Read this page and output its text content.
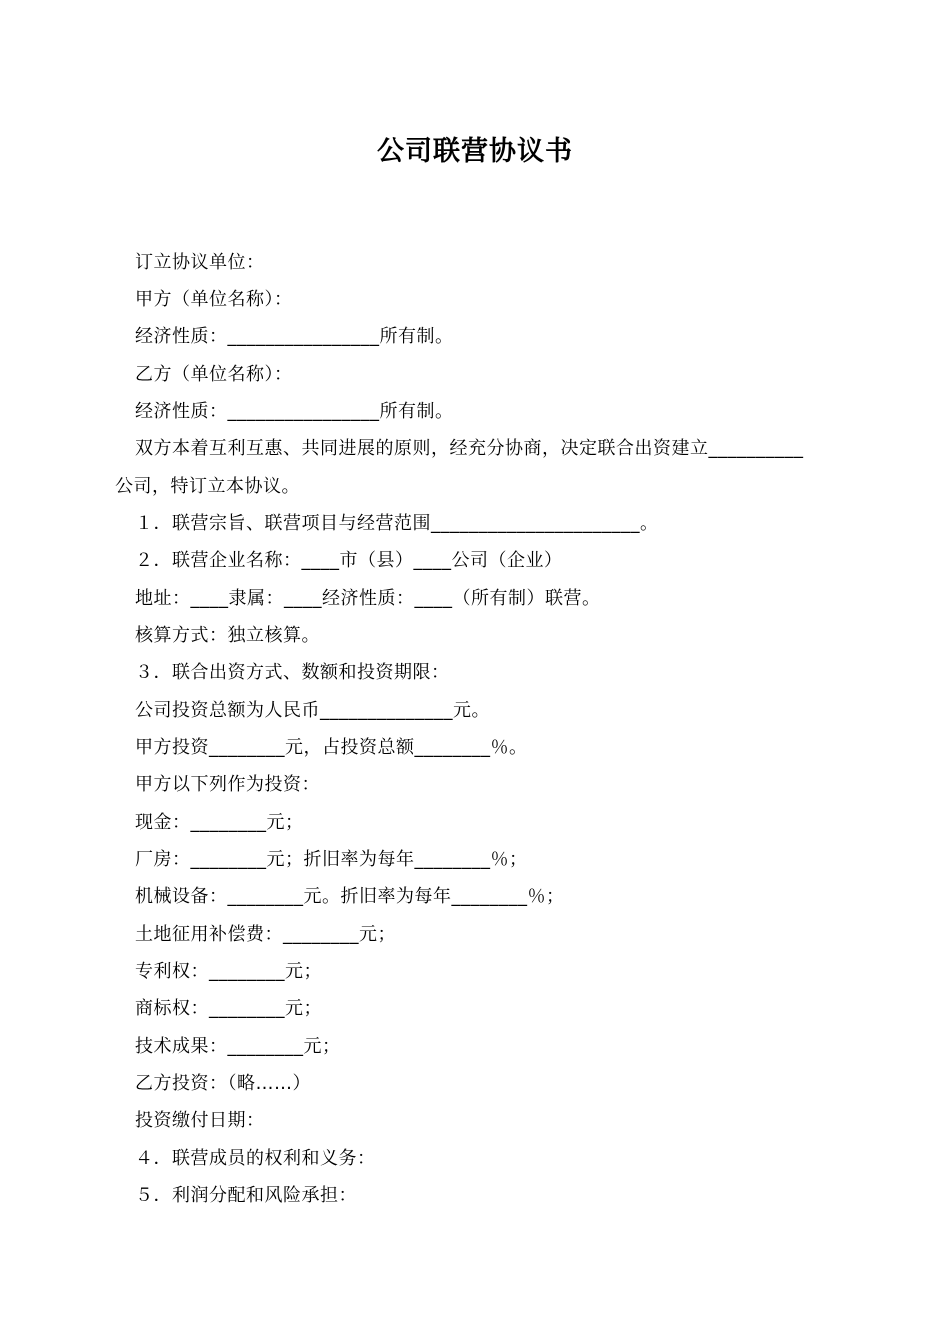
公司联营协议书
订立协议单位：
甲方（单位名称）：
经济性质：________________所有制。
乙方（单位名称）：
经济性质：________________所有制。
双方本着互利互惠、共同进展的原则，经充分协商，决定联合出资建立__________
公司，特订立本协议。
１．联营宗旨、联营项目与经营范围______________________。
２．联营企业名称：____市（县）____公司（企业）
地址：____隶属：____经济性质：____（所有制）联营。
核算方式：独立核算。
３．联合出资方式、数额和投资期限：
公司投资总额为人民币______________元。
甲方投资________元，占投资总额________％。
甲方以下列作为投资：
现金：________元；
厂房：________元；折旧率为每年________％；
机械设备：________元。折旧率为每年________％；
土地征用补偿费：________元；
专利权：________元；
商标权：________元；
技术成果：________元；
乙方投资：（略……）
投资缴付日期：
４．联营成员的权利和义务：
５．利润分配和风险承担：
